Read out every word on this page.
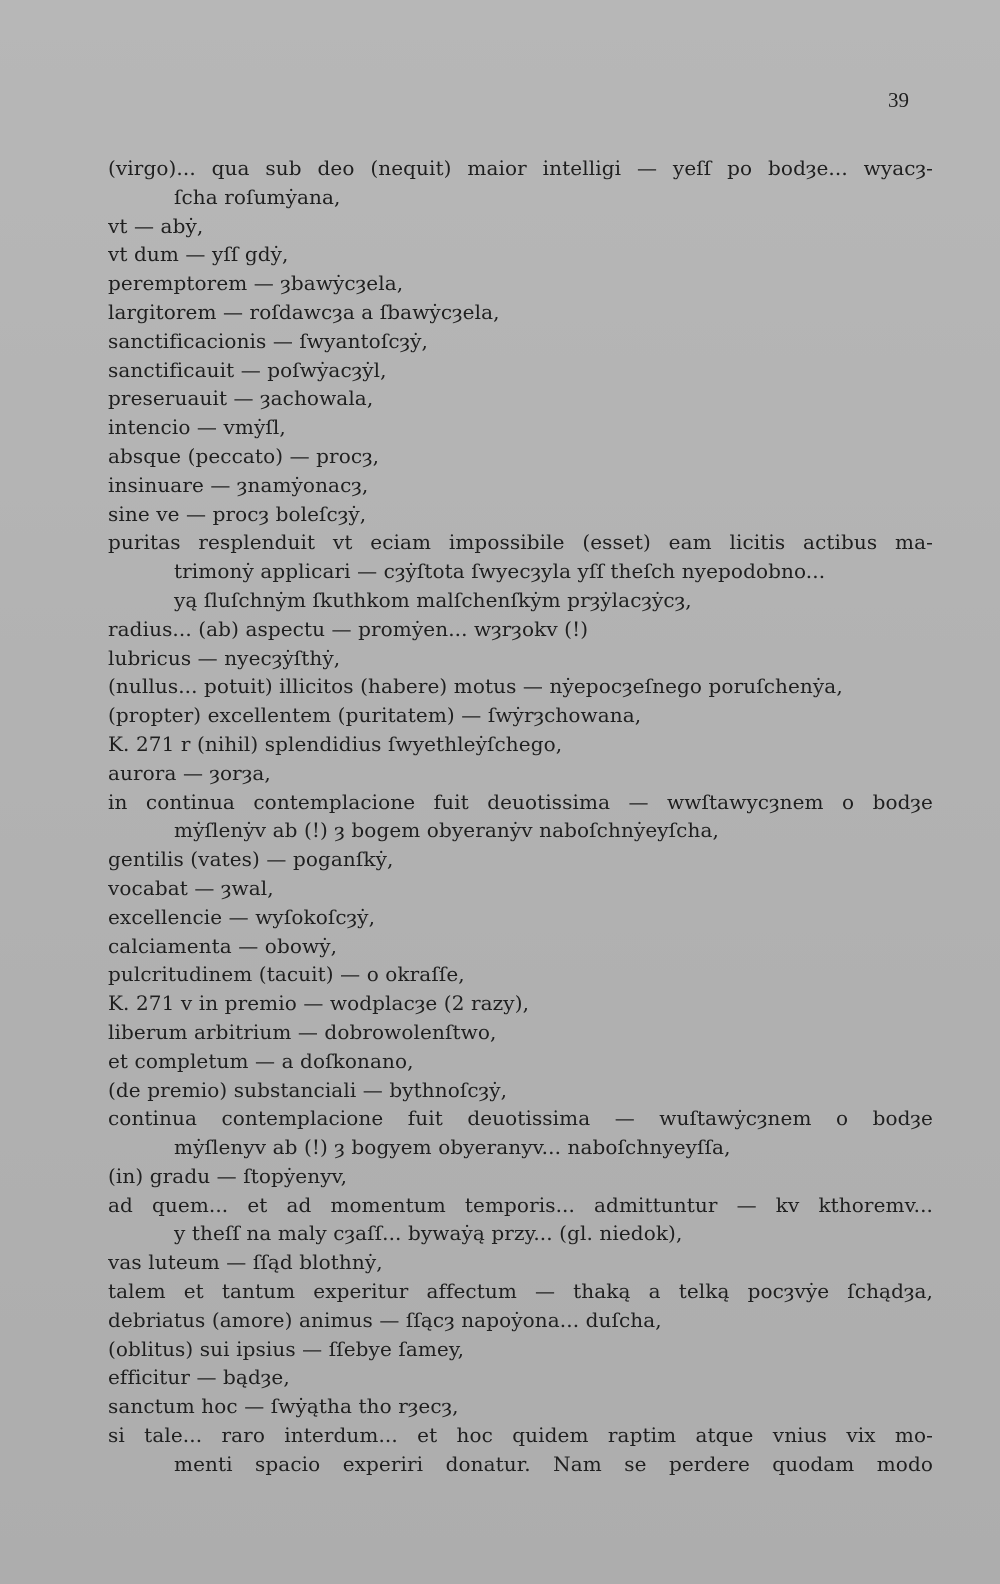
39
(virgo)... qua sub deo (nequit) maior intelligi — yeſſ po bodȝe... wyacȝ-
ſcha roſumẏana,
vt — abẏ,
vt dum — yſſ gdẏ,
peremptorem — ȝbawẏcȝela,
largitorem — roſdawcȝa a ſbawẏcȝela,
sanctificacionis — ſwyantoſcȝẏ,
sanctificauit — poſwẏacȝẏl,
preseruauit — ȝachowala,
intencio — vmẏſl,
absque (peccato) — procȝ,
insinuare — ȝnamẏonacȝ,
sine ve — procȝ boleſcȝẏ,
puritas resplenduit vt eciam impossibile (esset) eam licitis actibus ma-
trimonẏ applicari — cȝẏſtota ſwyecȝyla yſſ theſch nyepodobno...
yą ſluſchnẏm ſkuthkom malſchenſkẏm prȝẏlacȝẏcȝ,
radius... (ab) aspectu — promẏen... wȝrȝokv (!)
lubricus — nyecȝẏſthẏ,
(nullus... potuit) illicitos (habere) motus — nẏepocȝeſnego poruſchenẏa,
(propter) excellentem (puritatem) — ſwẏrȝchowana,
K. 271 r (nihil) splendidius ſwyethleẏſchego,
aurora — ȝorȝa,
in continua contemplacione fuit deuotissima — wwſtawycȝnem o bodȝe
mẏſlenẏv ab (!) ȝ bogem obyeranẏv naboſchnẏeyſcha,
gentilis (vates) — poganſkẏ,
vocabat — ȝwal,
excellencie — wyſokoſcȝẏ,
calciamenta — obowẏ,
pulcritudinem (tacuit) — o okraſſe,
K. 271 v in premio — wodplacȝe (2 razy),
liberum arbitrium — dobrowolenſtwo,
et completum — a doſkonano,
(de premio) substanciali — bythnoſcȝẏ,
continua contemplacione fuit deuotissima — wuſtawẏcȝnem o bodȝe
mẏſlenyv ab (!) ȝ bogyem obyeranyv... naboſchnyeyſſa,
(in) gradu — ſtopẏenyv,
ad quem... et ad momentum temporis... admittuntur — kv kthoremv...
y theſſ na maly cȝaſſ... bywaẏą przy... (gl. niedok),
vas luteum — ſſąd blothnẏ,
talem et tantum experitur affectum — thaką a telką pocȝvẏe ſchądȝa,
debriatus (amore) animus — ſſącȝ napoẏona... duſcha,
(oblitus) sui ipsius — ſſebye ſamey,
efficitur — bądȝe,
sanctum hoc — ſwẏątha tho rȝecȝ,
si tale... raro interdum... et hoc quidem raptim atque vnius vix mo-
menti spacio experiri donatur. Nam se perdere quodam modo
